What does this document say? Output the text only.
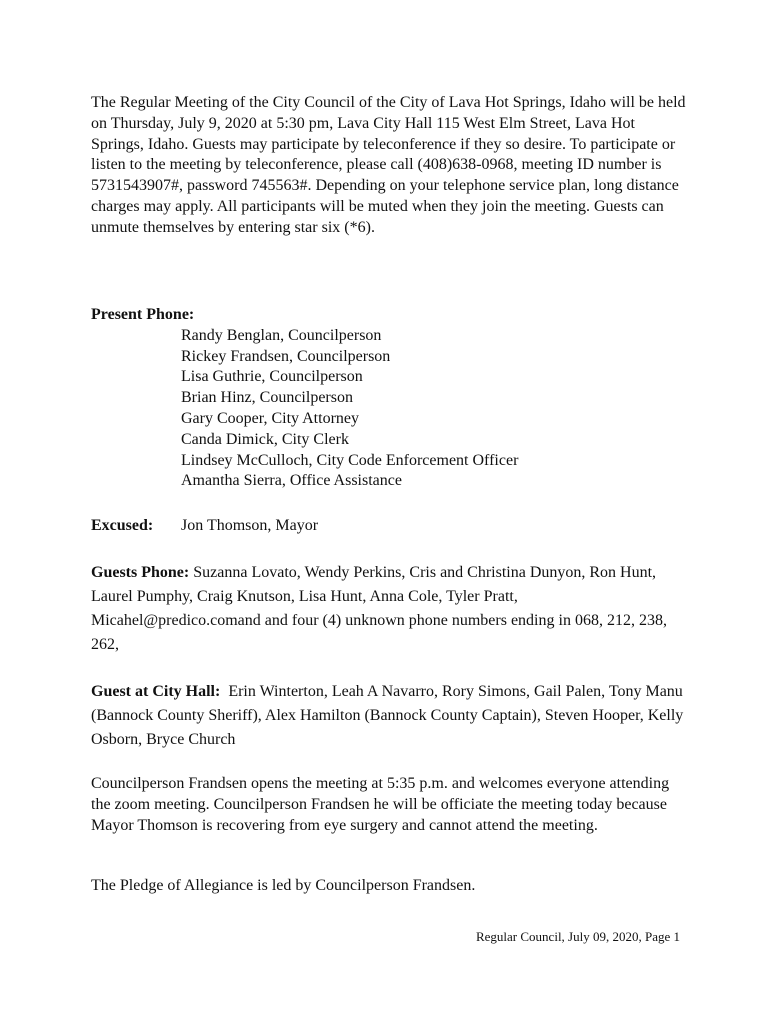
The Regular Meeting of the City Council of the City of Lava Hot Springs, Idaho will be held on Thursday, July 9, 2020 at 5:30 pm, Lava City Hall 115 West Elm Street, Lava Hot Springs, Idaho. Guests may participate by teleconference if they so desire. To participate or listen to the meeting by teleconference, please call (408)638-0968, meeting ID number is 5731543907#, password 745563#. Depending on your telephone service plan, long distance charges may apply. All participants will be muted when they join the meeting. Guests can unmute themselves by entering star six (*6).

Present Phone:
Randy Benglan, Councilperson
Rickey Frandsen, Councilperson
Lisa Guthrie, Councilperson
Brian Hinz, Councilperson
Gary Cooper, City Attorney
Canda Dimick, City Clerk
Lindsey McCulloch, City Code Enforcement Officer
Amantha Sierra, Office Assistance
Excused: Jon Thomson, Mayor

Guests Phone: Suzanna Lovato, Wendy Perkins, Cris and Christina Dunyon, Ron Hunt, Laurel Pumphy, Craig Knutson, Lisa Hunt, Anna Cole, Tyler Pratt, Micahel@predico.comand and four (4) unknown phone numbers ending in 068, 212, 238, 262,

Guest at City Hall: Erin Winterton, Leah A Navarro, Rory Simons, Gail Palen, Tony Manu (Bannock County Sheriff), Alex Hamilton (Bannock County Captain), Steven Hooper, Kelly Osborn, Bryce Church

Councilperson Frandsen opens the meeting at 5:35 p.m. and welcomes everyone attending the zoom meeting. Councilperson Frandsen he will be officiate the meeting today because Mayor Thomson is recovering from eye surgery and cannot attend the meeting.

The Pledge of Allegiance is led by Councilperson Frandsen.

Regular Council, July 09, 2020, Page 1
